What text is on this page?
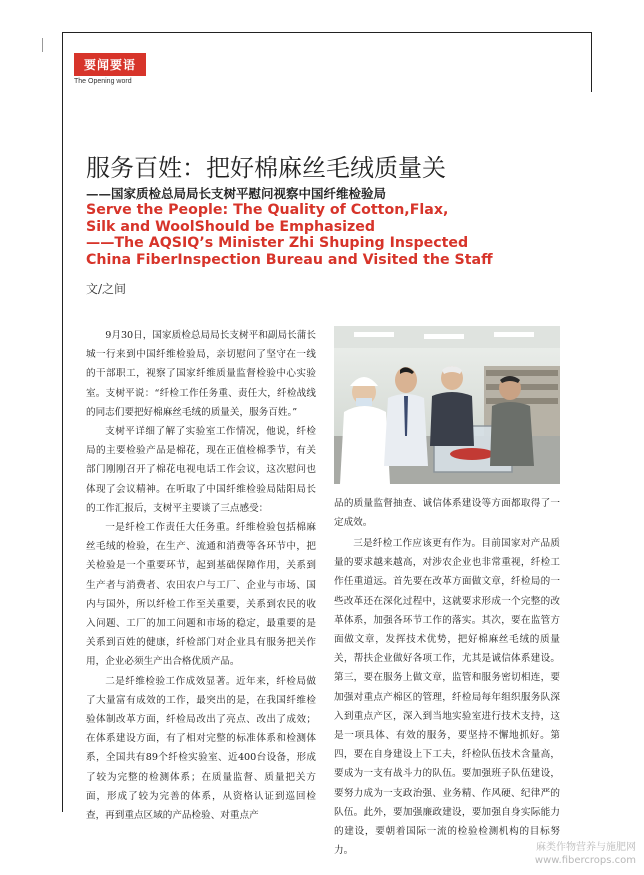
要闻要语
The Opening word
服务百姓：把好棉麻丝毛绒质量关
——国家质检总局局长支树平慰问视察中国纤维检验局
Serve the People: The Quality of Cotton,Flax,
Silk and WoolShould be Emphasized
——The AQSIQ’s Minister Zhi Shuping Inspected
China FiberInspection Bureau and Visited the Staff
文/之间

9月30日，国家质检总局局长支树平和副局长蒲长城一行来到中国纤维检验局，亲切慰问了坚守在一线的干部职工，视察了国家纤维质量监督检验中心实验室。支树平说：“纤检工作任务重、责任大，纤检战线的同志们要把好棉麻丝毛绒的质量关，服务百姓。”

支树平详细了解了实验室工作情况，他说，纤检局的主要检验产品是棉花，现在正值检棉季节，有关部门刚刚召开了棉花电视电话工作会议，这次慰问也体现了会议精神。在听取了中国纤维检验局陆阳局长的工作汇报后，支树平主要谈了三点感受：

一是纤检工作责任大任务重。纤维检验包括棉麻丝毛绒的检验，在生产、流通和消费等各环节中，把关检验是一个重要环节，起到基础保障作用，关系到生产者与消费者、农田农户与工厂、企业与市场、国内与国外，所以纤检工作至关重要，关系到农民的收入问题、工厂的加工问题和市场的稳定，最重要的是关系到百姓的健康，纤检部门对企业具有服务把关作用，企业必须生产出合格优质产品。

二是纤维检验工作成效显著。近年来，纤检局做了大量富有成效的工作，最突出的是，在我国纤维检验体制改革方面，纤检局改出了亮点、改出了成效；在体系建设方面，有了相对完整的标准体系和检测体系，全国共有89个纤检实验室、近400台设备，形成了较为完整的检测体系；在质量监督、质量把关方面，形成了较为完善的体系，从资格认证到巡回检查，再到重点区域的产品检验、对重点产

品的质量监督抽查、诚信体系建设等方面都取得了一定成效。

三是纤检工作应该更有作为。目前国家对产品质量的要求越来越高，对涉农企业也非常重视，纤检工作任重道远。首先要在改革方面做文章，纤检局的一些改革还在深化过程中，这就要求形成一个完整的改革体系，加强各环节工作的落实。其次，要在监管方面做文章，发挥技术优势，把好棉麻丝毛绒的质量关，帮扶企业做好各项工作，尤其是诚信体系建设。第三，要在服务上做文章，监管和服务密切相连，要加强对重点产棉区的管理，纤检局每年组织服务队深入到重点产区，深入到当地实验室进行技术支持，这是一项具体、有效的服务，要坚持不懈地抓好。第四，要在自身建设上下工夫，纤检队伍技术含量高，要成为一支有战斗力的队伍。要加强班子队伍建设，要努力成为一支政治强、业务精、作风硬、纪律严的队伍。此外，要加强廉政建设，要加强自身实际能力的建设，要朝着国际一流的检验检测机构的目标努力。	麻类作物营养与施肥网
www.fibercrops.com
